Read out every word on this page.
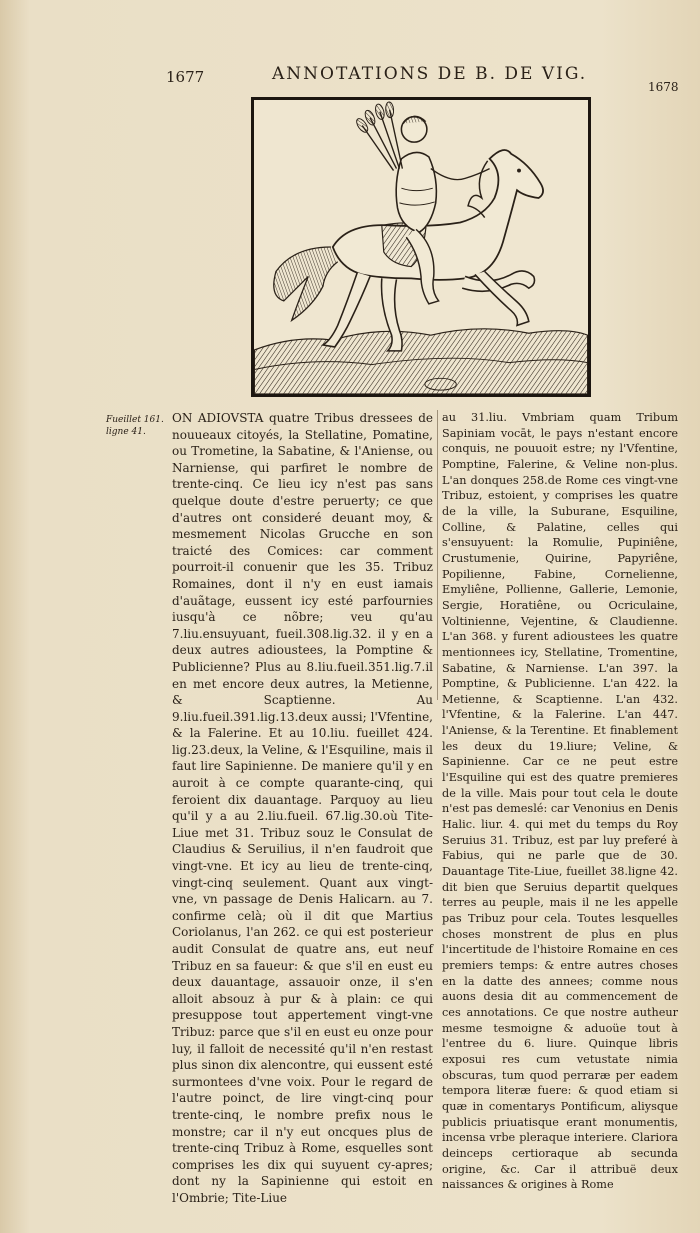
1677	ANNOTATIONS DE B. DE VIG.
1678
Fueillet 161. ligne 41.

ON ADIOVSTA quatre Tribus dressees de nouueaux citoyés, la Stellatine, Pomatine, ou Trometine, la Sabatine, & l'Aniense, ou Narniense, qui parfiret le nombre de trente-cinq. Ce lieu icy n'est pas sans quelque doute d'estre peruerty; ce que d'autres ont consideré deuant moy, & mesmement Nicolas Grucche en son traicté des Comices: car comment pourroit-il conuenir que les 35. Tribuz Romaines, dont il n'y en eust iamais d'auãtage, eussent icy esté parfournies iusqu'à ce nõbre; veu qu'au 7.liu.ensuyuant, fueil.308.lig.32. il y en a deux autres adioustees, la Pomptine & Publicienne? Plus au 8.liu.fueil.351.lig.7.il en met encore deux autres, la Metienne, & Scaptienne. Au 9.liu.fueil.391.lig.13.deux aussi; l'Vfentine, & la Falerine. Et au 10.liu. fueillet 424. lig.23.deux, la Veline, & l'Esquiline, mais il faut lire Sapinienne. De maniere qu'il y en auroit à ce compte quarante-cinq, qui feroient dix dauantage. Parquoy au lieu qu'il y a au 2.liu.fueil. 67.lig.30.où Tite-Liue met 31. Tribuz souz le Consulat de Claudius & Seruilius, il n'en faudroit que vingt-vne. Et icy au lieu de trente-cinq, vingt-cinq seulement. Quant aux vingt-vne, vn passage de Denis Halicarn. au 7. confirme celà; où il dit que Martius Coriolanus, l'an 262. ce qui est posterieur audit Consulat de quatre ans, eut neuf Tribuz en sa faueur: & que s'il en eust eu deux dauantage, assauoir onze, il s'en alloit absouz à pur & à plain: ce qui presuppose tout appertement vingt-vne Tribuz: parce que s'il en eust eu onze pour luy, il falloit de necessité qu'il n'en restast plus sinon dix alencontre, qui eussent esté surmontees d'vne voix. Pour le regard de l'autre poinct, de lire vingt-cinq pour trente-cinq, le nombre prefix nous le monstre; car il n'y eut oncques plus de trente-cinq Tribuz à Rome, esquelles sont comprises les dix qui suyuent cy-apres; dont ny la Sapinienne qui estoit en l'Ombrie; Tite-Liue

au 31.liu. Vmbriam quam Tribum Sapiniam vocāt, le pays n'estant encore conquis, ne pouuoit estre; ny l'Vfentine, Pomptine, Falerine, & Veline non-plus. L'an donques 258.de Rome ces vingt-vne Tribuz, estoient, y comprises les quatre de la ville, la Suburane, Esquiline, Colline, & Palatine, celles qui s'ensuyuent: la Romulie, Pupiniêne, Crustumenie, Quirine, Papyriêne, Popilienne, Fabine, Cornelienne, Emyliêne, Pollienne, Gallerie, Lemonie, Sergie, Horatiêne, ou Ocriculaine, Voltinienne, Vejentine, & Claudienne. L'an 368. y furent adioustees les quatre mentionnees icy, Stellatine, Tromentine, Sabatine, & Narniense. L'an 397. la Pomptine, & Publicienne. L'an 422. la Metienne, & Scaptienne. L'an 432. l'Vfentine, & la Falerine. L'an 447. l'Aniense, & la Terentine. Et finablement les deux du 19.liure; Veline, & Sapinienne. Car ce ne peut estre l'Esquiline qui est des quatre premieres de la ville. Mais pour tout cela le doute n'est pas demeslé: car Venonius en Denis Halic. liur. 4. qui met du temps du Roy Seruius 31. Tribuz, est par luy preferé à Fabius, qui ne parle que de 30. Dauantage Tite-Liue, fueillet 38.ligne 42. dit bien que Seruius departit quelques terres au peuple, mais il ne les appelle pas Tribuz pour cela. Toutes lesquelles choses monstrent de plus en plus l'incertitude de l'histoire Romaine en ces premiers temps: & entre autres choses en la datte des annees; comme nous auons desia dit au commencement de ces annotations. Ce que nostre autheur mesme tesmoigne & aduoüe tout à l'entree du 6. liure. Quinque libris exposui res cum vetustate nimia obscuras, tum quod perraræ per eadem tempora literæ fuere: & quod etiam si quæ in comentarys Pontificum, aliysque publicis priuatisque erant monumentis, incensa vrbe pleraque interiere. Clariora deinceps certioraque ab secunda origine, &c. Car il attribuë deux naissances & origines à Rome
